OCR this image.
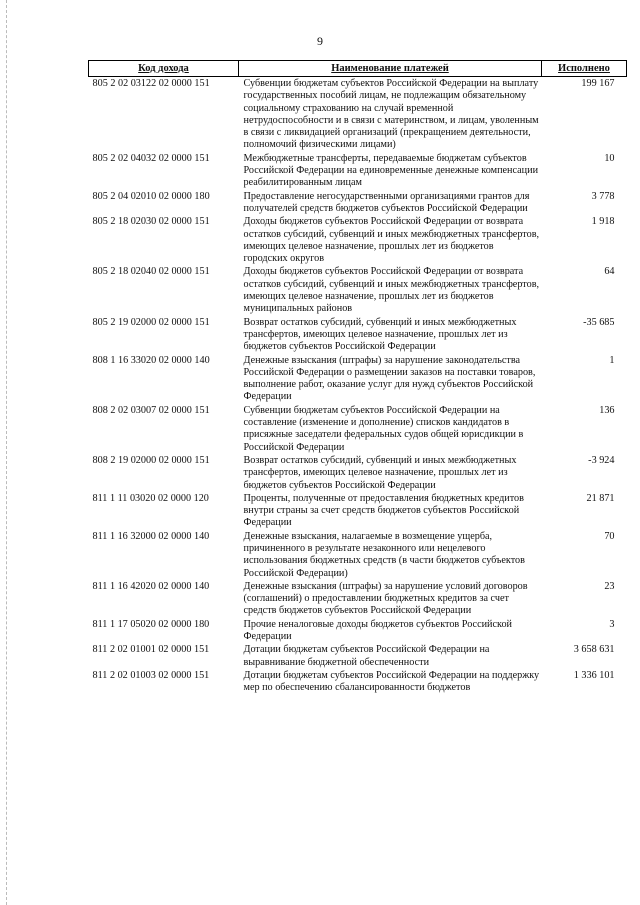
9
Код дохода	Наименование платежей	Исполнено
805 2 02 03122 02 0000 151	Субвенции бюджетам субъектов Российской Федерации на выплату государственных пособий лицам, не подлежащим обязательному социальному страхованию на случай временной нетрудоспособности и в связи с материнством, и лицам, уволенным в связи с ликвидацией организаций (прекращением деятельности, полномочий физическими лицами)	199 167
805 2 02 04032 02 0000 151	Межбюджетные трансферты, передаваемые бюджетам субъектов Российской Федерации на единовременные денежные компенсации реабилитированным лицам	10
805 2 04 02010 02 0000 180	Предоставление негосударственными организациями грантов для получателей средств бюджетов субъектов Российской Федерации	3 778
805 2 18 02030 02 0000 151	Доходы бюджетов субъектов Российской Федерации от возврата остатков субсидий, субвенций и иных межбюджетных трансфертов, имеющих целевое назначение, прошлых лет из бюджетов городских округов	1 918
805 2 18 02040 02 0000 151	Доходы бюджетов субъектов Российской Федерации от возврата остатков субсидий, субвенций и иных межбюджетных трансфертов, имеющих целевое назначение, прошлых лет из бюджетов муниципальных районов	64
805 2 19 02000 02 0000 151	Возврат остатков субсидий, субвенций и иных межбюджетных трансфертов, имеющих целевое назначение, прошлых лет из бюджетов субъектов Российской Федерации	-35 685
808 1 16 33020 02 0000 140	Денежные взыскания (штрафы) за нарушение законодательства Российской Федерации о размещении заказов на поставки товаров, выполнение работ, оказание услуг для нужд субъектов Российской Федерации	1
808 2 02 03007 02 0000 151	Субвенции бюджетам субъектов Российской Федерации на составление (изменение и дополнение) списков кандидатов в присяжные заседатели федеральных судов общей юрисдикции в Российской Федерации	136
808 2 19 02000 02 0000 151	Возврат остатков субсидий, субвенций и иных межбюджетных трансфертов, имеющих целевое назначение, прошлых лет из бюджетов субъектов Российской Федерации	-3 924
811 1 11 03020 02 0000 120	Проценты, полученные от предоставления бюджетных кредитов внутри страны за счет средств бюджетов субъектов Российской Федерации	21 871
811 1 16 32000 02 0000 140	Денежные взыскания, налагаемые в возмещение ущерба, причиненного в результате незаконного или нецелевого использования бюджетных средств (в части бюджетов субъектов Российской Федерации)	70
811 1 16 42020 02 0000 140	Денежные взыскания (штрафы) за нарушение условий договоров (соглашений) о предоставлении бюджетных кредитов за счет средств бюджетов субъектов Российской Федерации	23
811 1 17 05020 02 0000 180	Прочие неналоговые доходы бюджетов субъектов Российской Федерации	3
811 2 02 01001 02 0000 151	Дотации бюджетам субъектов Российской Федерации на выравнивание бюджетной обеспеченности	3 658 631
811 2 02 01003 02 0000 151	Дотации бюджетам субъектов Российской Федерации на поддержку мер по обеспечению сбалансированности бюджетов	1 336 101
